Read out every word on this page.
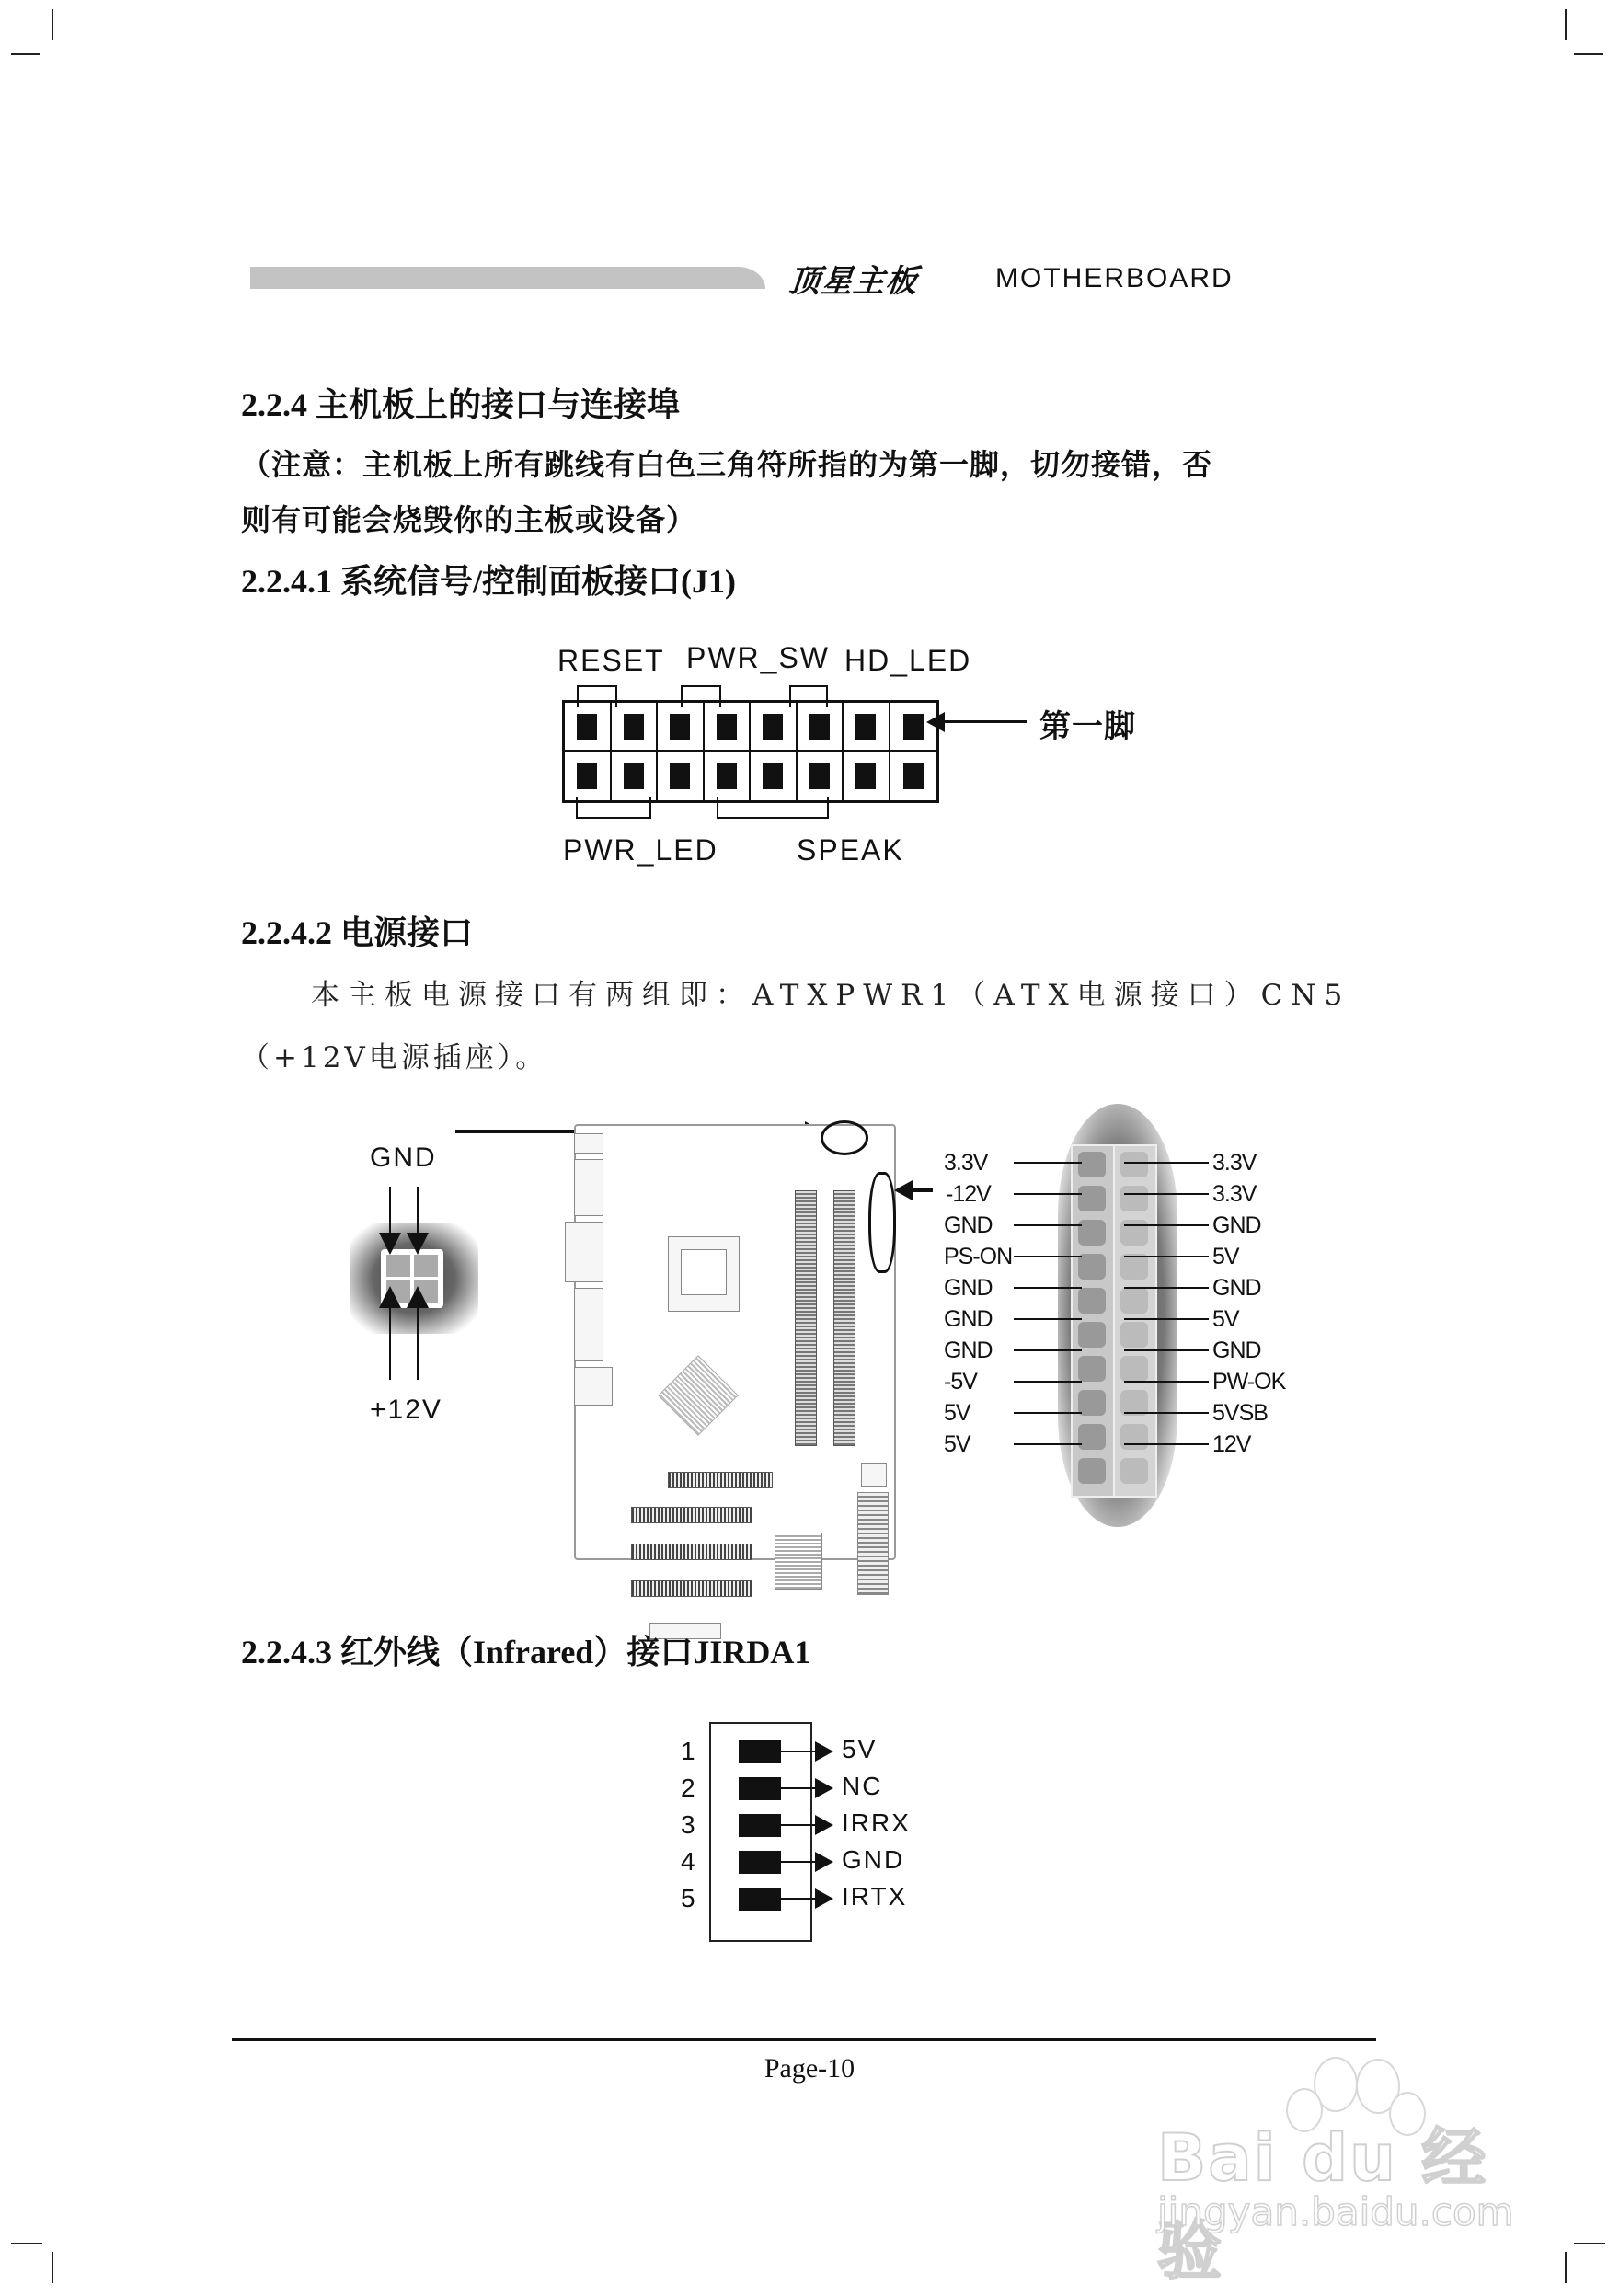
顶星主板	MOTHERBOARD
2.2.4 主机板上的接口与连接埠
（注意：主机板上所有跳线有白色三角符所指的为第一脚，切勿接错，否
则有可能会烧毁你的主板或设备）
2.2.4.1 系统信号/控制面板接口(J1)
RESET PWR_SW HD_LED
PWR_LED	SPEAK
第一脚
2.2.4.2 电源接口
本主板电源接口有两组即：ATXPWR1（ATX电源接口）CN5
（+12V电源插座）。
GND
+12V
3.3V
-12V
GND
PS-ON
GND
GND
GND
-5V
5V
5V
3.3V
3.3V
GND
5V
GND
5V
GND
PW-OK
5VSB
12V
2.2.4.3 红外线（Infrared）接口JIRDA1
1
2
3
4
5
5V
NC
IRRX
GND
IRTX
Page-10
Bai du 经验
jingyan.baidu.com
